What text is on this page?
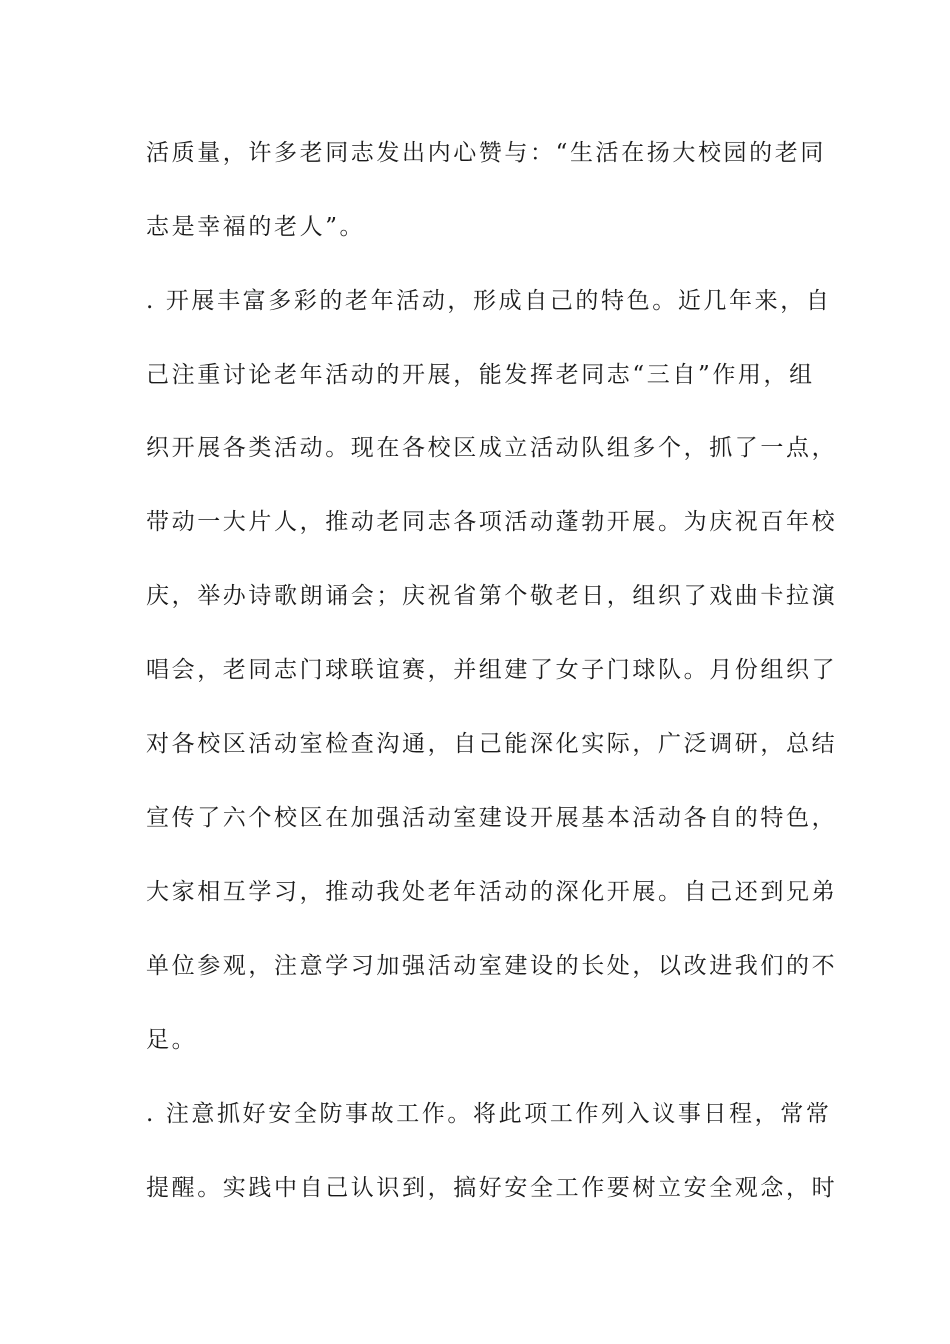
活质量，许多老同志发出内心赞与：“生活在扬大校园的老同
志是幸福的老人”。
. 开展丰富多彩的老年活动，形成自己的特色。近几年来，自
己注重讨论老年活动的开展，能发挥老同志“三自”作用，组
织开展各类活动。现在各校区成立活动队组多个，抓了一点，
带动一大片人，推动老同志各项活动蓬勃开展。为庆祝百年校
庆，举办诗歌朗诵会；庆祝省第个敬老日，组织了戏曲卡拉演
唱会，老同志门球联谊赛，并组建了女子门球队。月份组织了
对各校区活动室检查沟通，自己能深化实际，广泛调研，总结
宣传了六个校区在加强活动室建设开展基本活动各自的特色，
大家相互学习，推动我处老年活动的深化开展。自己还到兄弟
单位参观，注意学习加强活动室建设的长处，以改进我们的不
足。
. 注意抓好安全防事故工作。将此项工作列入议事日程，常常
提醒。实践中自己认识到，搞好安全工作要树立安全观念，时
